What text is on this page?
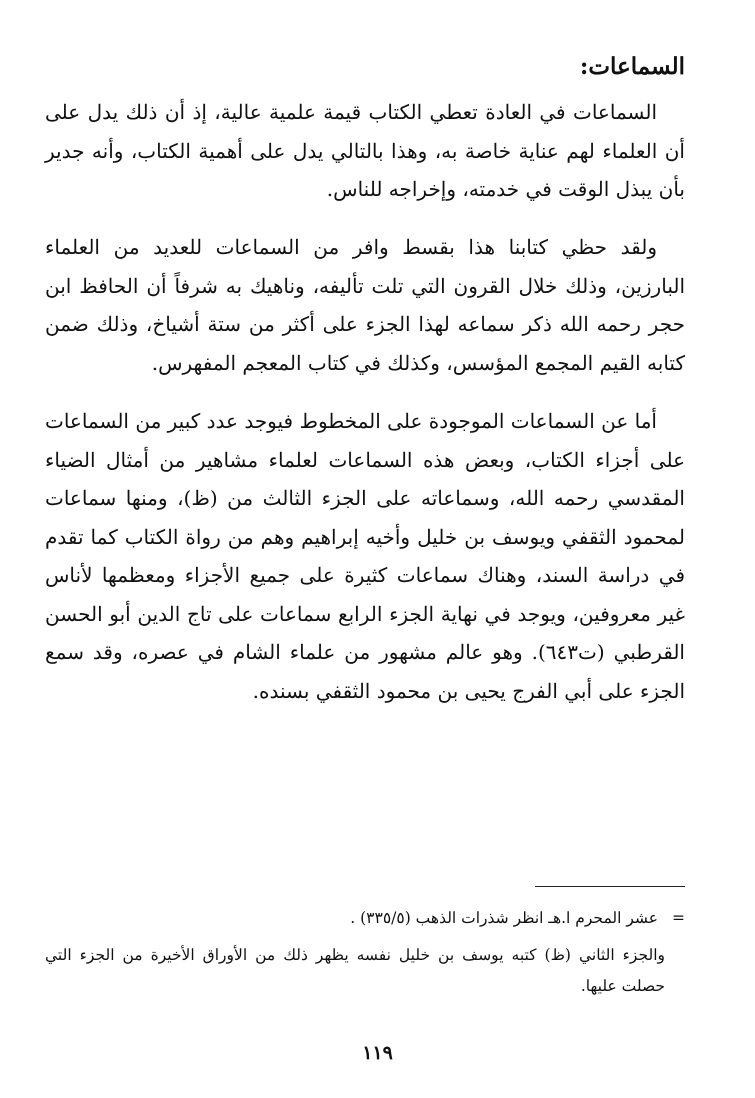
السماعات:

السماعات في العادة تعطي الكتاب قيمة علمية عالية، إذ أن ذلك يدل على أن العلماء لهم عناية خاصة به، وهذا بالتالي يدل على أهمية الكتاب، وأنه جدير بأن يبذل الوقت في خدمته، وإخراجه للناس.

ولقد حظي كتابنا هذا بقسط وافر من السماعات للعديد من العلماء البارزين، وذلك خلال القرون التي تلت تأليفه، وناهيك به شرفاً أن الحافظ ابن حجر رحمه الله ذكر سماعه لهذا الجزء على أكثر من ستة أشياخ، وذلك ضمن كتابه القيم المجمع المؤسس، وكذلك في كتاب المعجم المفهرس.

أما عن السماعات الموجودة على المخطوط فيوجد عدد كبير من السماعات على أجزاء الكتاب، وبعض هذه السماعات لعلماء مشاهير من أمثال الضياء المقدسي رحمه الله، وسماعاته على الجزء الثالث من (ظ)، ومنها سماعات لمحمود الثقفي ويوسف بن خليل وأخيه إبراهيم وهم من رواة الكتاب كما تقدم في دراسة السند، وهناك سماعات كثيرة على جميع الأجزاء ومعظمها لأناس غير معروفين، ويوجد في نهاية الجزء الرابع سماعات على تاج الدين أبو الحسن القرطبي (ت٦٤٣). وهو عالم مشهور من علماء الشام في عصره، وقد سمع الجزء على أبي الفرج يحيى بن محمود الثقفي بسنده.

=عشر المحرم ا.هـ انظر شذرات الذهب (٣٣٥/٥) .

والجزء الثاني (ظ) كتبه يوسف بن خليل نفسه يظهر ذلك من الأوراق الأخيرة من الجزء التي حصلت عليها.

١١٩
